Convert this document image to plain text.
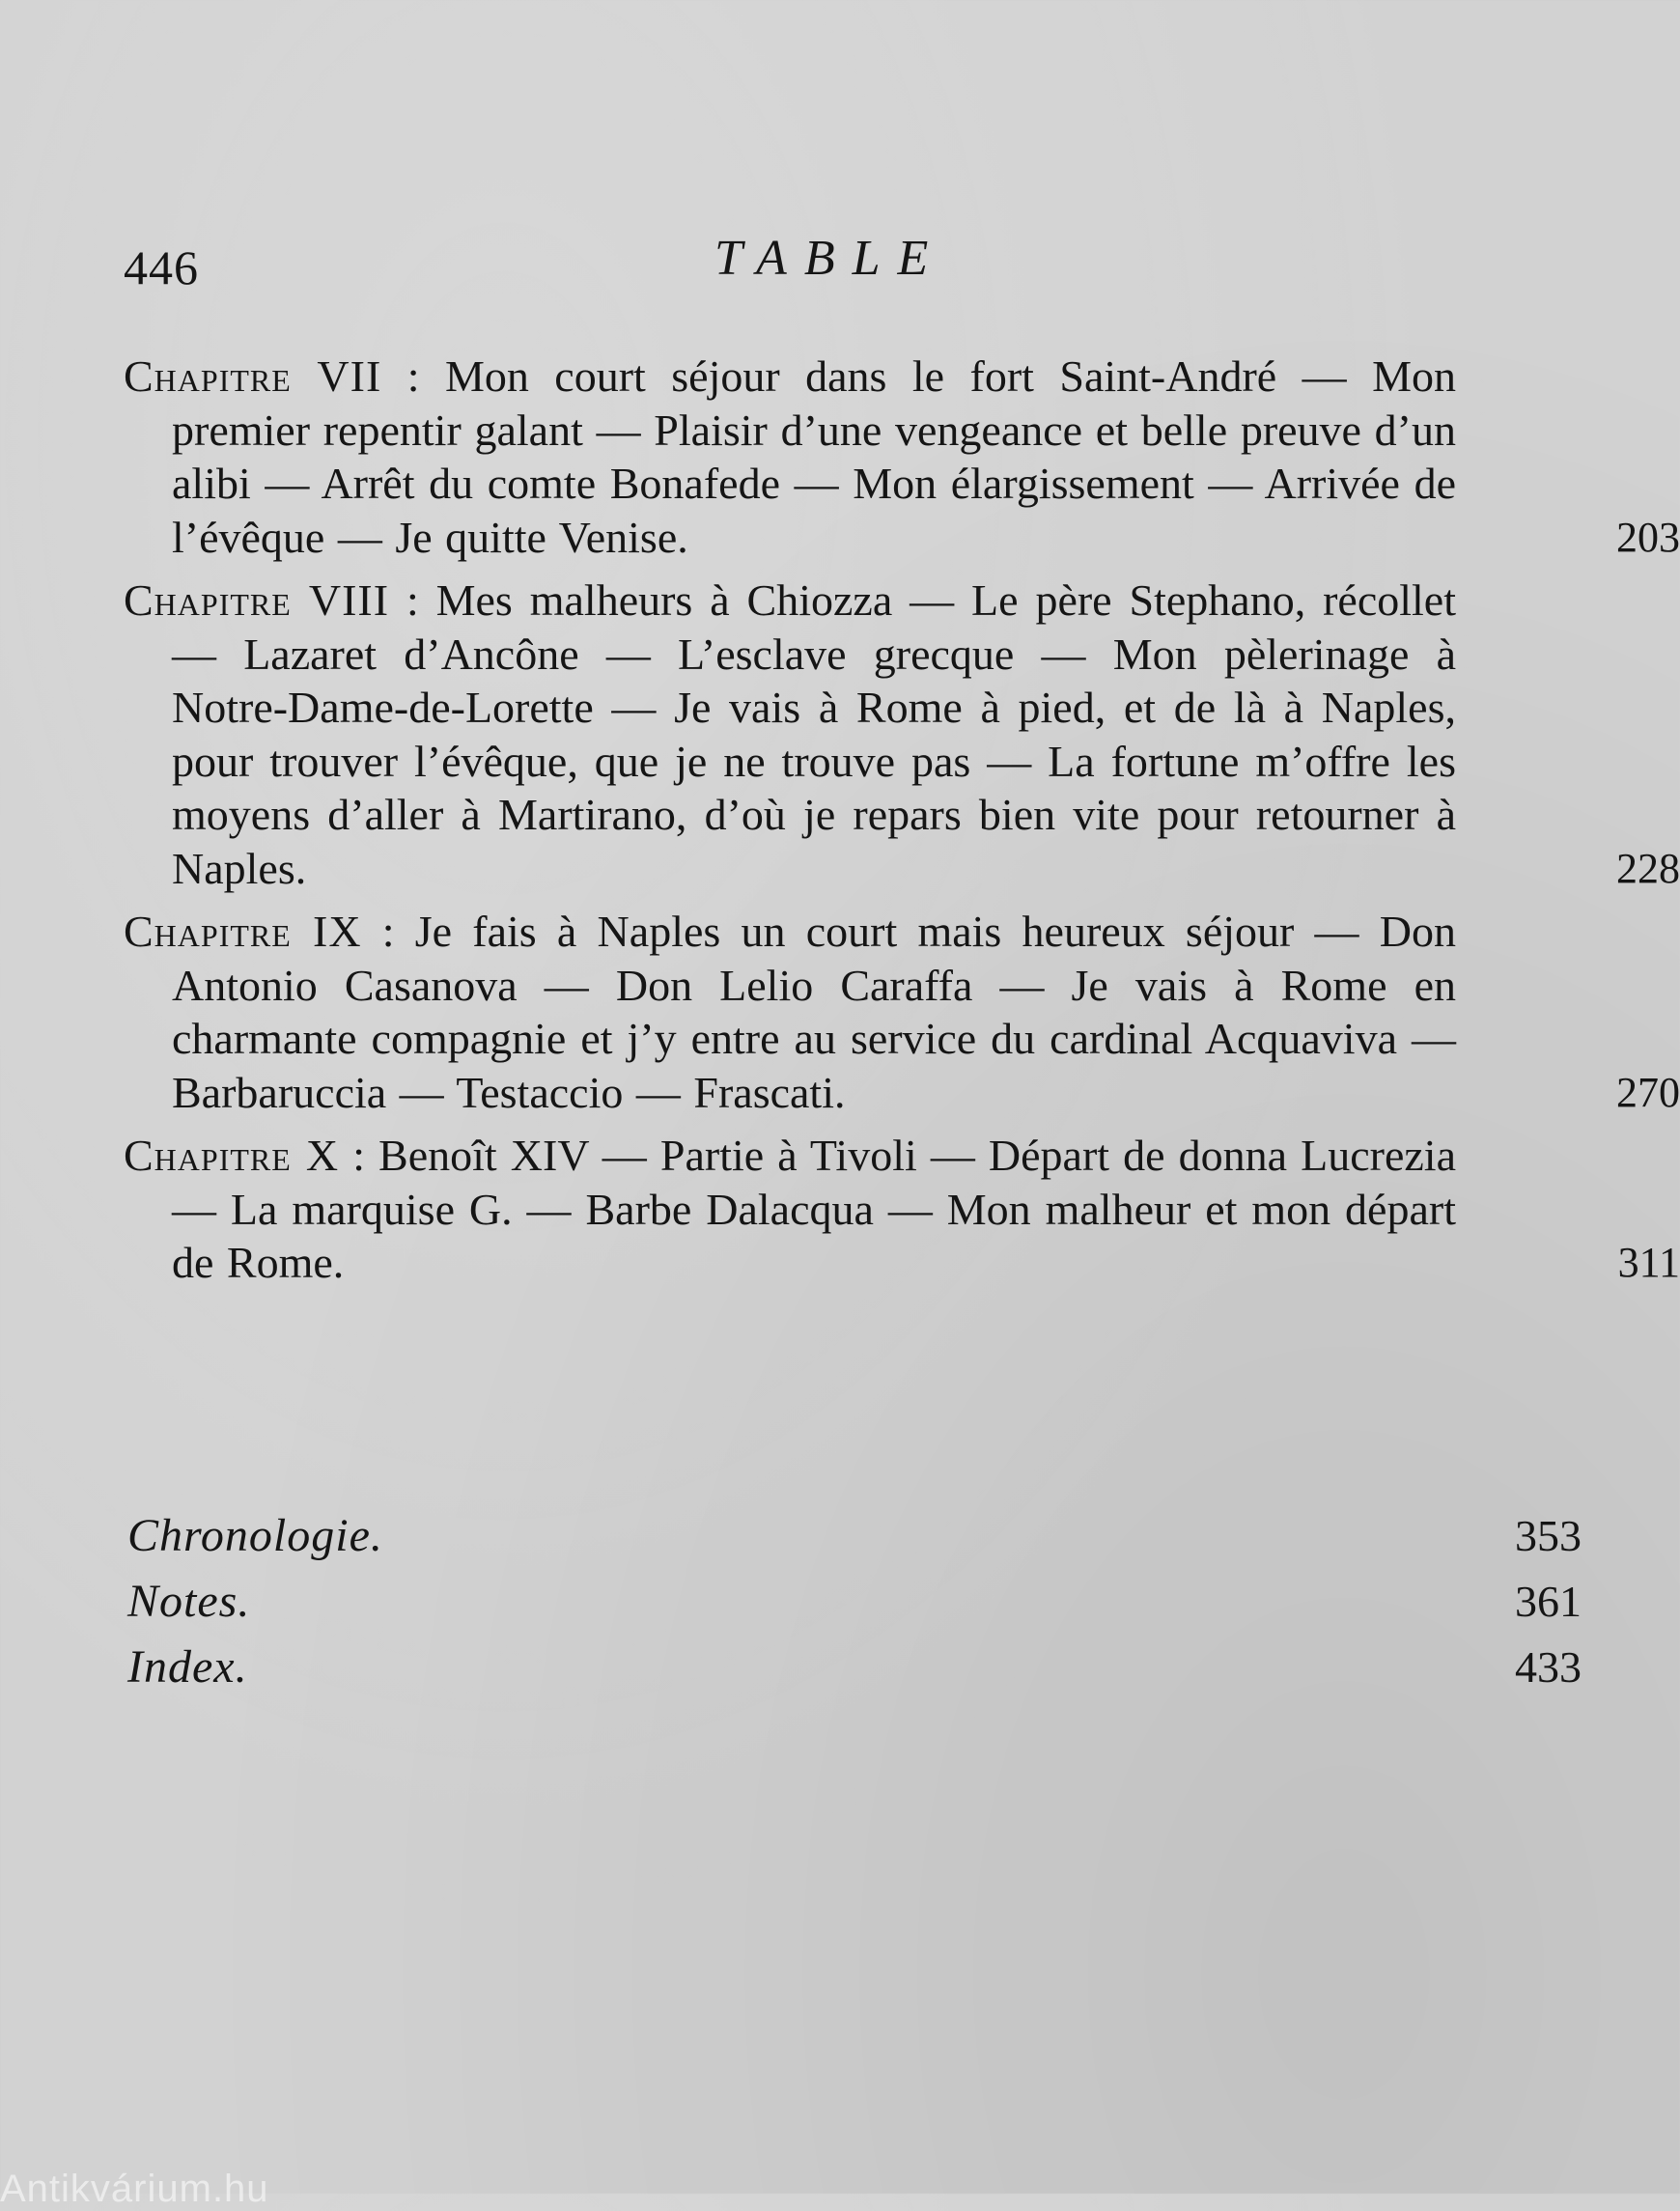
446	TABLE
Chapitre VII : Mon court séjour dans le fort Saint-André — Mon premier repentir galant — Plaisir d’une vengeance et belle preuve d’un alibi — Arrêt du comte Bonafede — Mon élargissement — Arrivée de l’évêque — Je quitte Venise.	203
Chapitre VIII : Mes malheurs à Chiozza — Le père Stephano, récollet — Lazaret d’Ancône — L’esclave grecque — Mon pèlerinage à Notre-Dame-de-Lorette — Je vais à Rome à pied, et de là à Naples, pour trouver l’évêque, que je ne trouve pas — La fortune m’offre les moyens d’aller à Martirano, d’où je repars bien vite pour retourner à Naples.	228
Chapitre IX : Je fais à Naples un court mais heureux séjour — Don Antonio Casanova — Don Lelio Caraffa — Je vais à Rome en charmante compagnie et j’y entre au service du cardinal Acquaviva — Barbaruccia — Testaccio — Frascati.	270
Chapitre X : Benoît XIV — Partie à Tivoli — Départ de donna Lucrezia — La marquise G. — Barbe Dalacqua — Mon malheur et mon départ de Rome.	311
Chronologie.	353
Notes.	361
Index.	433
Antikvárium.hu
